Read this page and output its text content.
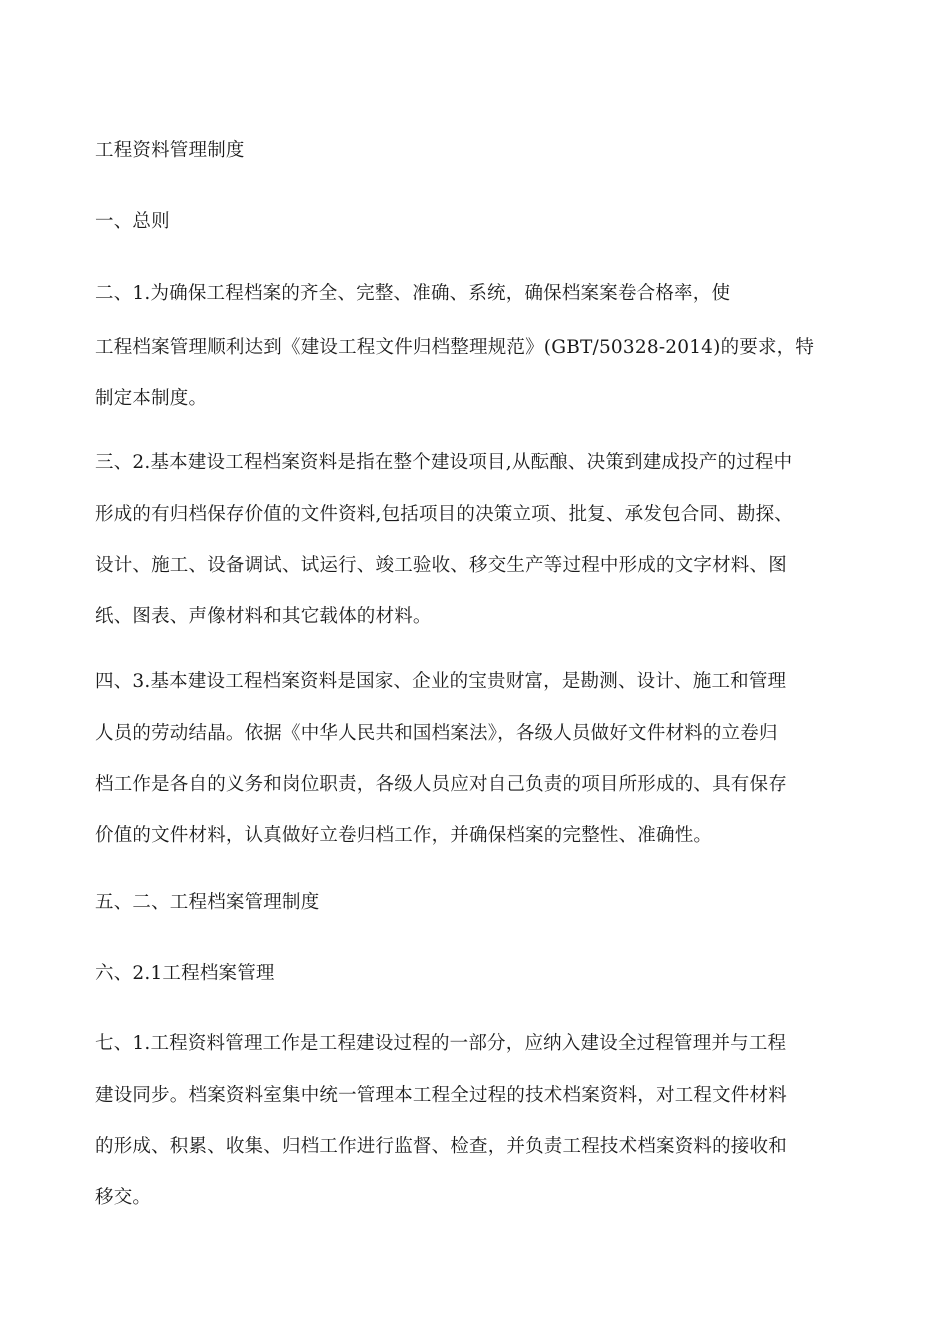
工程资料管理制度

一、总则

二、1.为确保工程档案的齐全、完整、准确、系统，确保档案案卷合格率，使
工程档案管理顺利达到《建设工程文件归档整理规范》(GBT/50328-2014)的要求，特
制定本制度。

三、2.基本建设工程档案资料是指在整个建设项目,从酝酿、决策到建成投产的过程中
形成的有归档保存价值的文件资料,包括项目的决策立项、批复、承发包合同、勘探、
设计、施工、设备调试、试运行、竣工验收、移交生产等过程中形成的文字材料、图
纸、图表、声像材料和其它载体的材料。

四、3.基本建设工程档案资料是国家、企业的宝贵财富，是勘测、设计、施工和管理
人员的劳动结晶。依据《中华人民共和国档案法》，各级人员做好文件材料的立卷归
档工作是各自的义务和岗位职责，各级人员应对自己负责的项目所形成的、具有保存
价值的文件材料，认真做好立卷归档工作，并确保档案的完整性、准确性。

五、二、工程档案管理制度

六、2.1工程档案管理

七、1.工程资料管理工作是工程建设过程的一部分，应纳入建设全过程管理并与工程
建设同步。档案资料室集中统一管理本工程全过程的技术档案资料，对工程文件材料
的形成、积累、收集、归档工作进行监督、检查，并负责工程技术档案资料的接收和
移交。
